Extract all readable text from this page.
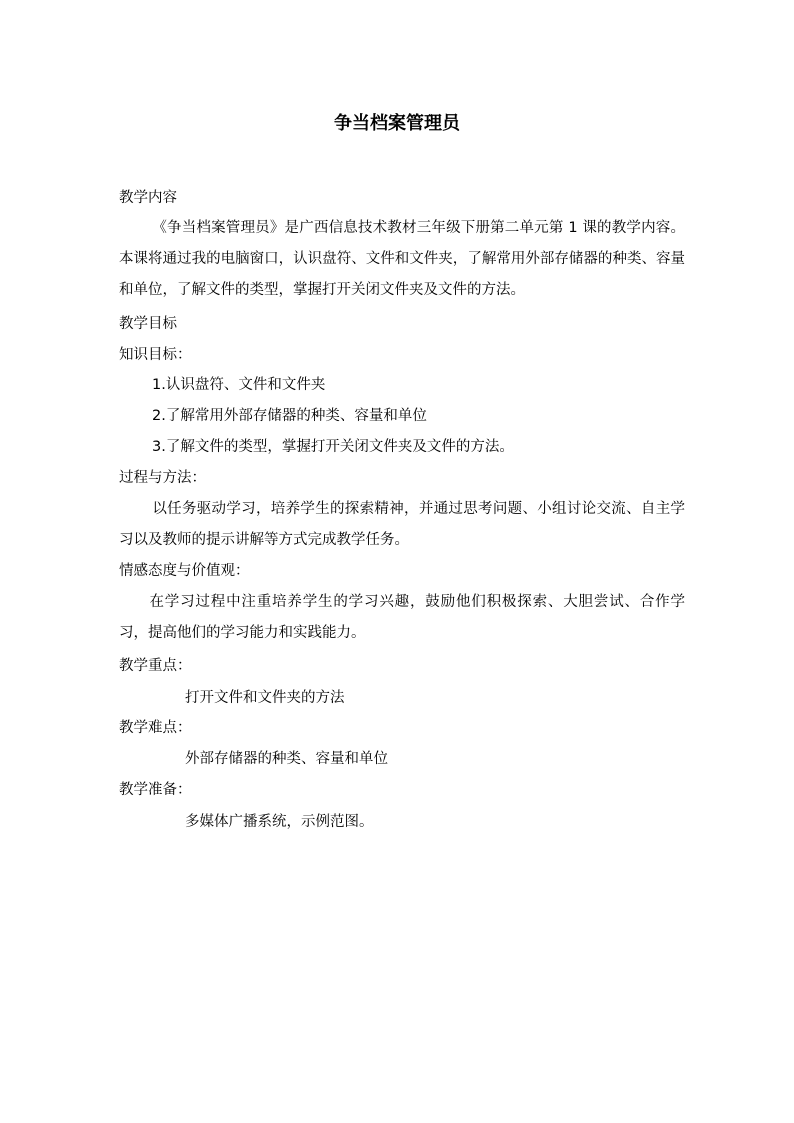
争当档案管理员
教学内容
《争当档案管理员》是广西信息技术教材三年级下册第二单元第 1 课的教学内容。本课将通过我的电脑窗口，认识盘符、文件和文件夹，了解常用外部存储器的种类、容量和单位，了解文件的类型，掌握打开关闭文件夹及文件的方法。
教学目标
知识目标：
1.认识盘符、文件和文件夹
2.了解常用外部存储器的种类、容量和单位
3.了解文件的类型，掌握打开关闭文件夹及文件的方法。
过程与方法：
以任务驱动学习，培养学生的探索精神，并通过思考问题、小组讨论交流、自主学习以及教师的提示讲解等方式完成教学任务。
情感态度与价值观：
在学习过程中注重培养学生的学习兴趣，鼓励他们积极探索、大胆尝试、合作学习，提高他们的学习能力和实践能力。
教学重点：
打开文件和文件夹的方法
教学难点：
外部存储器的种类、容量和单位
教学准备：
多媒体广播系统，示例范图。
